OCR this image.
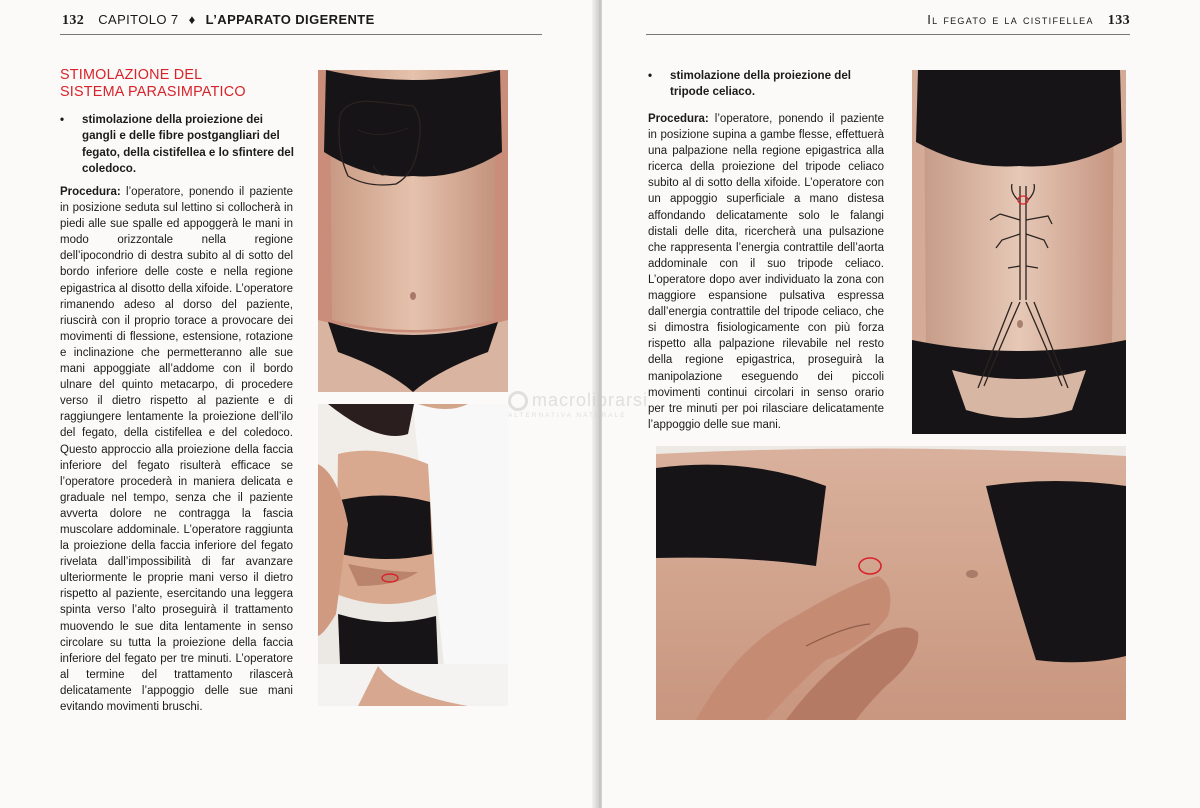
132 CAPITOLO 7 ♦ L’APPARATO DIGERENTE
STIMOLAZIONE DEL SISTEMA PARASIMPATICO
•	stimolazione della proiezione dei gangli e delle fibre postgangliari del fegato, della cistifellea e lo sfintere del coledoco.
Procedura: l’operatore, ponendo il paziente in posizione seduta sul lettino si collocherà in piedi alle sue spalle ed appoggerà le mani in modo orizzontale nella regione dell’ipocondrio di destra subito al di sotto del bordo inferiore delle coste e nella regione epigastrica al disotto della xifoide. L’operatore rimanendo adeso al dorso del paziente, riuscirà con il proprio torace a provocare dei movimenti di flessione, estensione, rotazione e inclinazione che permetteranno alle sue mani appoggiate all’addome con il bordo ulnare del quinto metacarpo, di procedere verso il dietro rispetto al paziente e di raggiungere lentamente la proiezione dell’ilo del fegato, della cistifellea e del coledoco. Questo approccio alla proiezione della faccia inferiore del fegato risulterà efficace se l’operatore procederà in maniera delicata e graduale nel tempo, senza che il paziente avverta dolore ne contragga la fascia muscolare addominale. L’operatore raggiunta la proiezione della faccia inferiore del fegato rivelata dall’impossibilità di far avanzare ulteriormente le proprie mani verso il dietro rispetto al paziente, esercitando una leggera spinta verso l’alto proseguirà il trattamento muovendo le sue dita lentamente in senso circolare su tutta la proiezione della faccia inferiore del fegato per tre minuti. L’operatore al termine del trattamento rilascerà delicatamente l’appoggio delle sue mani evitando movimenti bruschi.
Il fegato e la cistifellea 133
•	stimolazione della proiezione del tripode celiaco.
Procedura: l’operatore, ponendo il paziente in posizione supina a gambe flesse, effettuerà una palpazione nella regione epigastrica alla ricerca della proiezione del tripode celiaco subito al di sotto della xifoide. L’operatore con un appoggio superficiale a mano distesa affondando delicatamente solo le falangi distali delle dita, ricercherà una pulsazione che rappresenta l’energia contrattile dell’aorta addominale con il suo tripode celiaco. L’operatore dopo aver individuato la zona con maggiore espansione pulsativa espressa dall’energia contrattile del tripode celiaco, che si dimostra fisiologicamente con più forza rispetto alla palpazione rilevabile nel resto della regione epigastrica, proseguirà la manipolazione eseguendo dei piccoli movimenti continui circolari in senso orario per tre minuti per poi rilasciare delicatamente l’appoggio delle sue mani.
macrolibrarsi
ALTERNATIVA NATURALE
